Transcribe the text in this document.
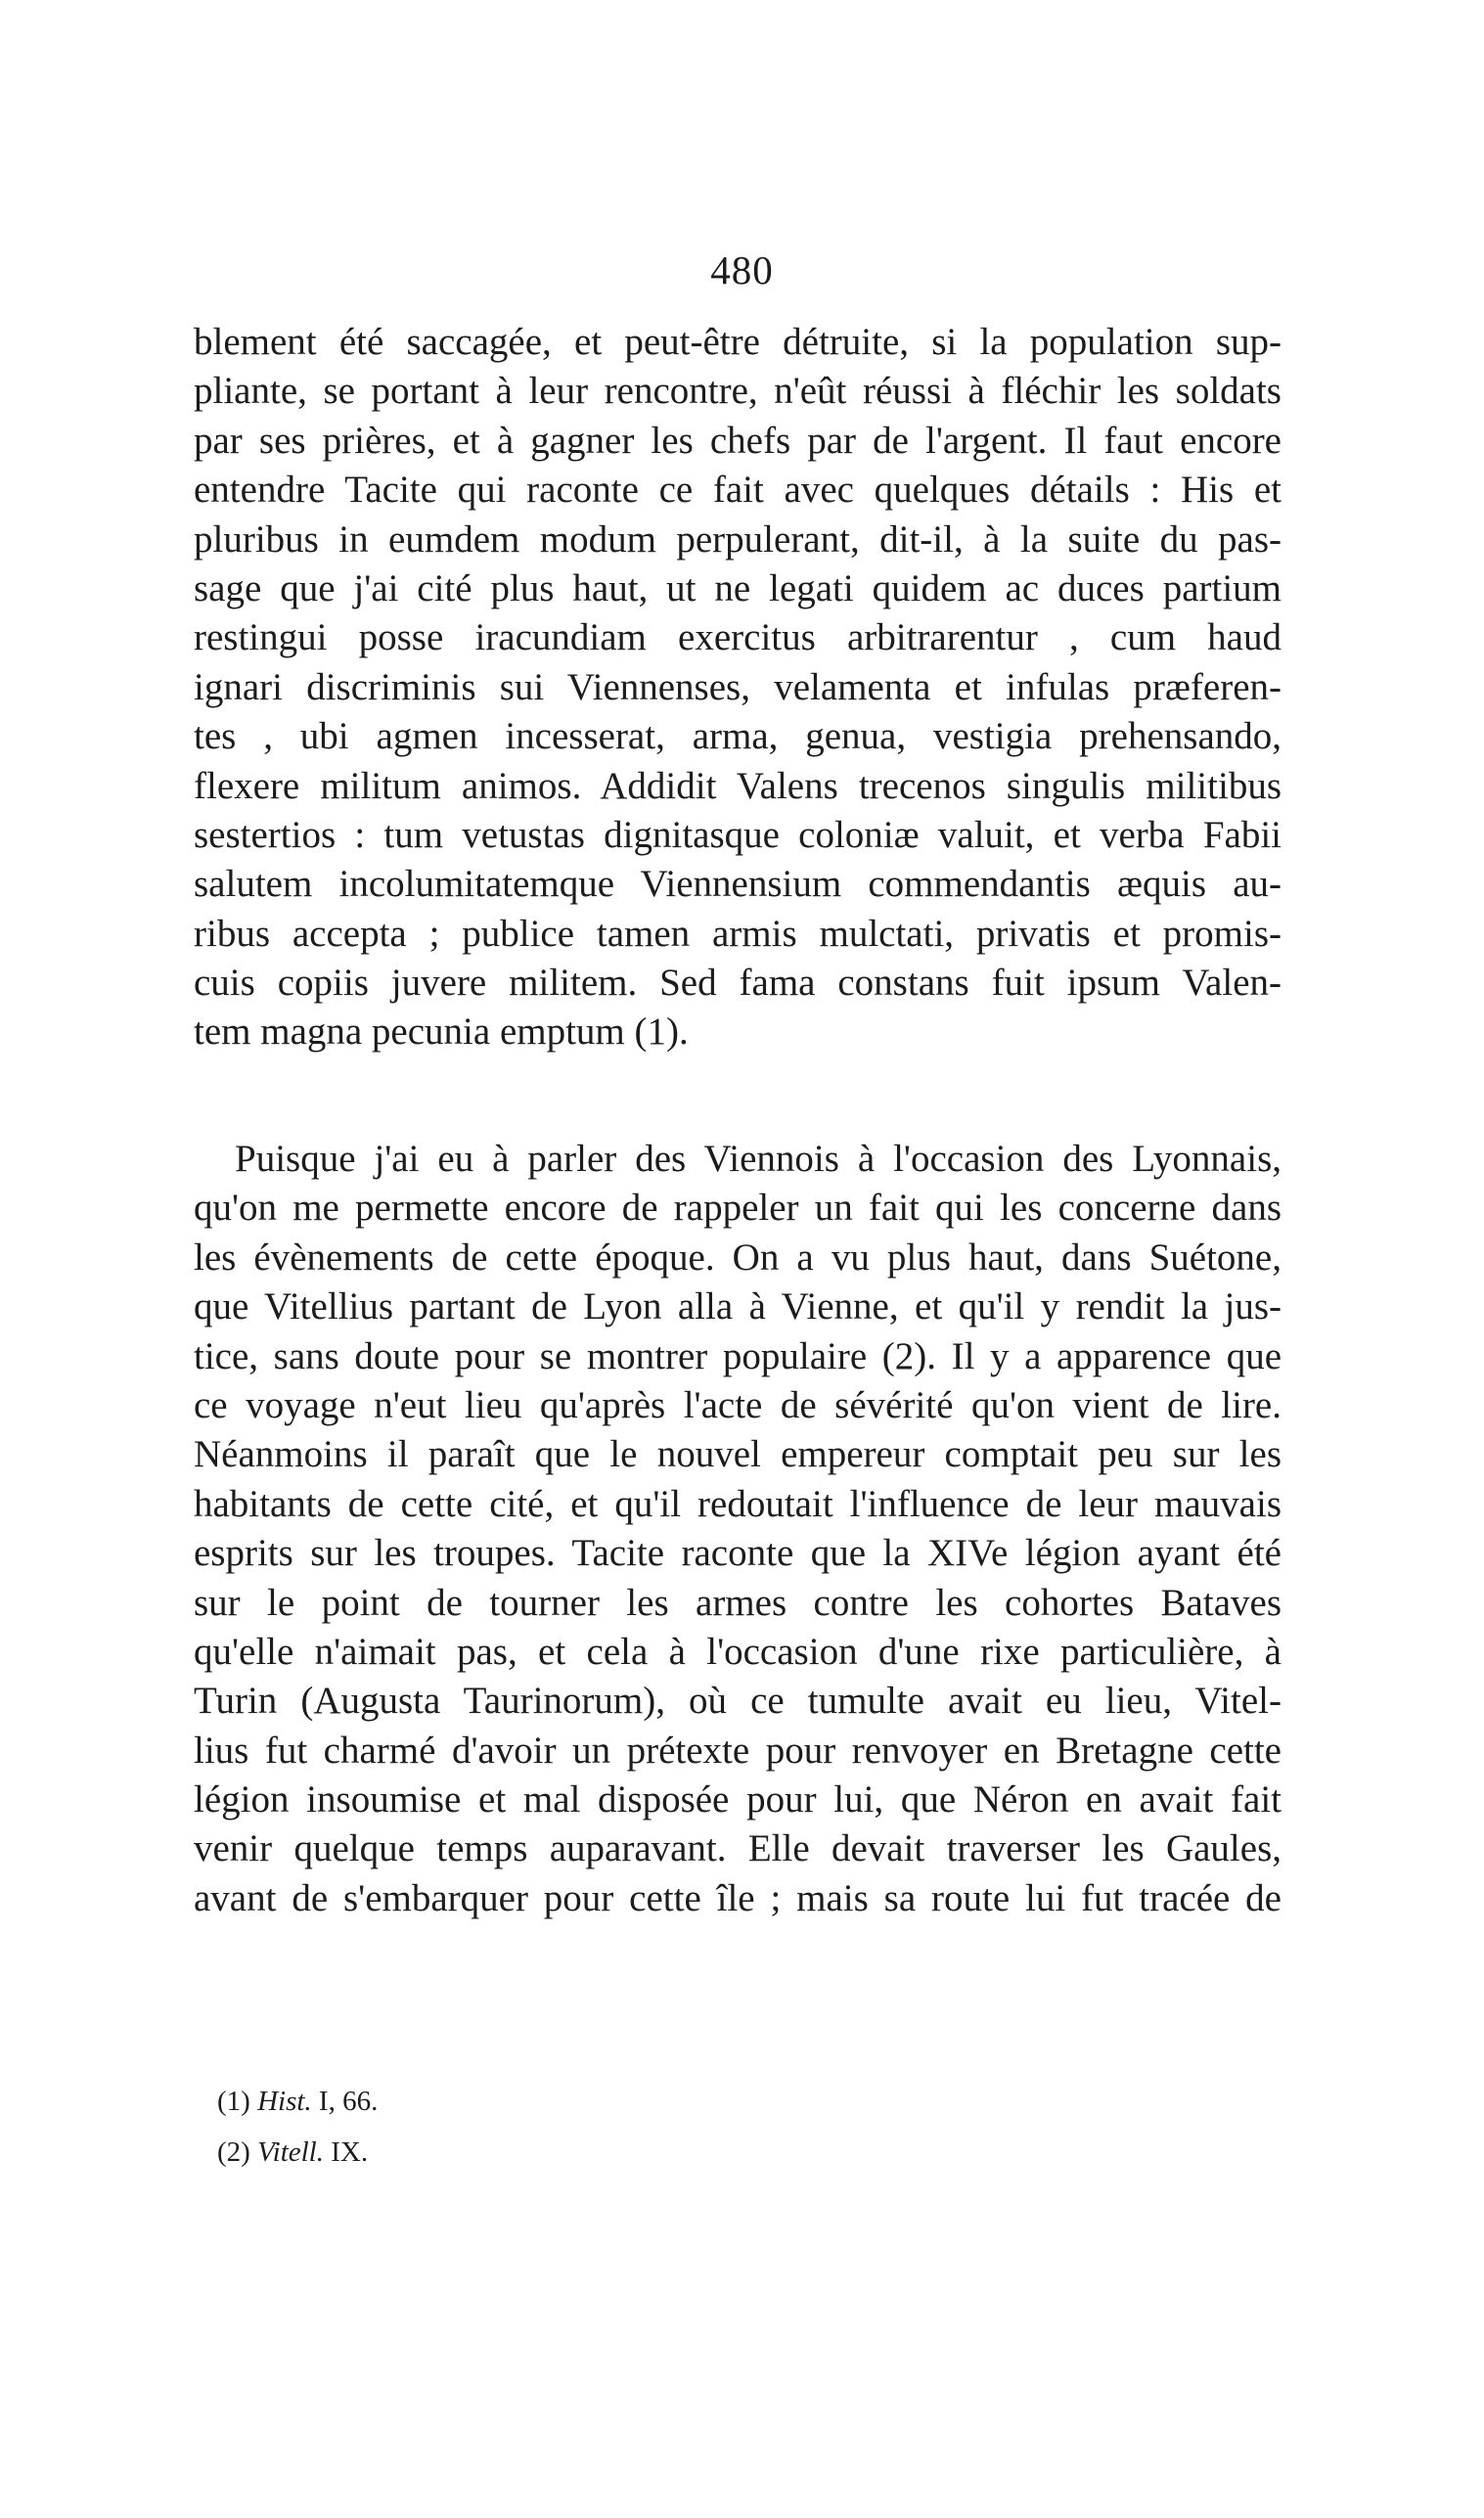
480
blement été saccagée, et peut-être détruite, si la population sup-
pliante, se portant à leur rencontre, n'eût réussi à fléchir les soldats
par ses prières, et à gagner les chefs par de l'argent. Il faut encore
entendre Tacite qui raconte ce fait avec quelques détails : His et
pluribus in eumdem modum perpulerant, dit-il, à la suite du pas-
sage que j'ai cité plus haut, ut ne legati quidem ac duces partium
restingui posse iracundiam exercitus arbitrarentur , cum haud
ignari discriminis sui Viennenses, velamenta et infulas præferen-
tes , ubi agmen incesserat, arma, genua, vestigia prehensando,
flexere militum animos. Addidit Valens trecenos singulis militibus
sestertios : tum vetustas dignitasque coloniæ valuit, et verba Fabii
salutem incolumitatemque Viennensium commendantis æquis au-
ribus accepta ; publice tamen armis mulctati, privatis et promis-
cuis copiis juvere militem. Sed fama constans fuit ipsum Valen-
tem magna pecunia emptum (1).
Puisque j'ai eu à parler des Viennois à l'occasion des Lyonnais,
qu'on me permette encore de rappeler un fait qui les concerne dans
les évènements de cette époque. On a vu plus haut, dans Suétone,
que Vitellius partant de Lyon alla à Vienne, et qu'il y rendit la jus-
tice, sans doute pour se montrer populaire (2). Il y a apparence que
ce voyage n'eut lieu qu'après l'acte de sévérité qu'on vient de lire.
Néanmoins il paraît que le nouvel empereur comptait peu sur les
habitants de cette cité, et qu'il redoutait l'influence de leur mauvais
esprits sur les troupes. Tacite raconte que la XIVe légion ayant été
sur le point de tourner les armes contre les cohortes Bataves
qu'elle n'aimait pas, et cela à l'occasion d'une rixe particulière, à
Turin (Augusta Taurinorum), où ce tumulte avait eu lieu, Vitel-
lius fut charmé d'avoir un prétexte pour renvoyer en Bretagne cette
légion insoumise et mal disposée pour lui, que Néron en avait fait
venir quelque temps auparavant. Elle devait traverser les Gaules,
avant de s'embarquer pour cette île ; mais sa route lui fut tracée de
(1) Hist. I, 66.
(2) Vitell. IX.
